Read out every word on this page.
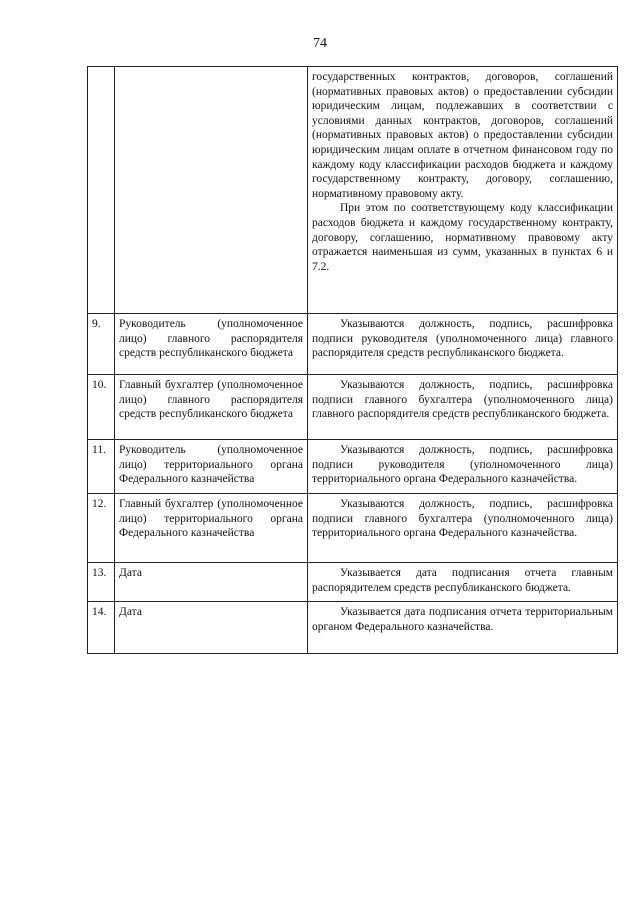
74

		государственных контрактов, договоров, соглашений (нормативных правовых актов) о предоставлении субсидии юридическим лицам, подлежавших в соответствии с условиями данных контрактов, договоров, соглашений (нормативных правовых актов) о предоставлении субсидии юридическим лицам оплате в отчетном финансовом году по каждому коду классификации расходов бюджета и каждому государственному контракту, договору, соглашению, нормативному правовому акту.

При этом по соответствующему коду классификации расходов бюджета и каждому государственному контракту, договору, соглашению, нормативному правовому акту отражается наименьшая из сумм, указанных в пунктах 6 и 7.2.

9.	Руководитель (уполномоченное лицо) главного распорядителя средств республиканского бюджета	Указываются должность, подпись, расшифровка подписи руководителя (уполномоченного лица) главного распорядителя средств республиканского бюджета.

10.	Главный бухгалтер (уполномоченное лицо) главного распорядителя средств республиканского бюджета	Указываются должность, подпись, расшифровка подписи главного бухгалтера (уполномоченного лица) главного распорядителя средств республиканского бюджета.

11.	Руководитель (уполномоченное лицо) территориального органа Федерального казначейства	Указываются должность, подпись, расшифровка подписи руководителя (уполномоченного лица) территориального органа Федерального казначейства.

12.	Главный бухгалтер (уполномоченное лицо) территориального органа Федерального казначейства	Указываются должность, подпись, расшифровка подписи главного бухгалтера (уполномоченного лица) территориального органа Федерального казначейства.

13.	Дата	Указывается дата подписания отчета главным распорядителем средств республиканского бюджета.

14.	Дата	Указывается дата подписания отчета территориальным органом Федерального казначейства.
